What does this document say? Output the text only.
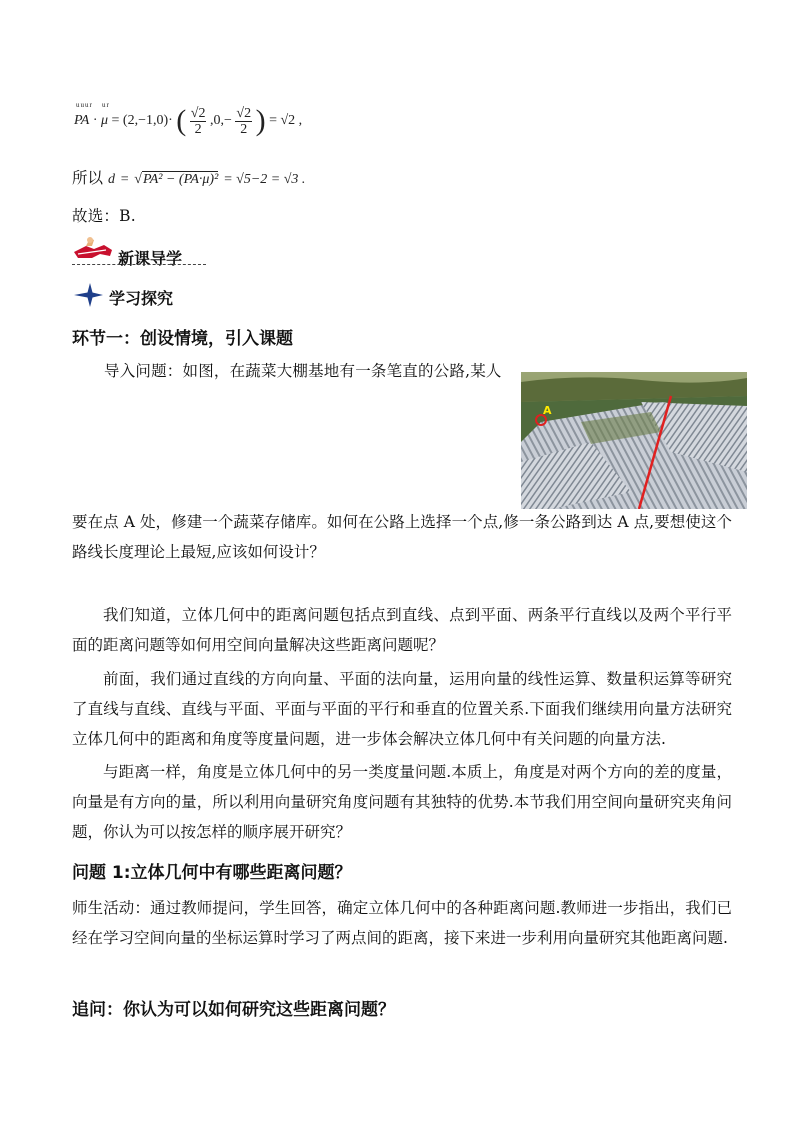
uuur
PA ·
ur
μ = (2,−1,0)· ( $\frac{√2}{2} ,0,- \frac{√2}{2}$ ) = √2 ,
所以 d = √PA² − (PA·μ)² = √5−2 = √3 .
故选：B.
新课导学
学习探究
环节一：创设情境，引入课题
导入问题：如图，在蔬菜大棚基地有一条笔直的公路,某人
A
要在点 A 处，修建一个蔬菜存储库。如何在公路上选择一个点,修一条公路到达 A 点,要想使这个路线长度理论上最短,应该如何设计？
我们知道，立体几何中的距离问题包括点到直线、点到平面、两条平行直线以及两个平行平面的距离问题等如何用空间向量解决这些距离问题呢？
前面，我们通过直线的方向向量、平面的法向量，运用向量的线性运算、数量积运算等研究了直线与直线、直线与平面、平面与平面的平行和垂直的位置关系.下面我们继续用向量方法研究立体几何中的距离和角度等度量问题，进一步体会解决立体几何中有关问题的向量方法.
与距离一样，角度是立体几何中的另一类度量问题.本质上，角度是对两个方向的差的度量，向量是有方向的量，所以利用向量研究角度问题有其独特的优势.本节我们用空间向量研究夹角问题，你认为可以按怎样的顺序展开研究？
问题 1:立体几何中有哪些距离问题？
师生活动：通过教师提问，学生回答，确定立体几何中的各种距离问题.教师进一步指出，我们已经在学习空间向量的坐标运算时学习了两点间的距离，接下来进一步利用向量研究其他距离问题.
追问：你认为可以如何研究这些距离问题？
